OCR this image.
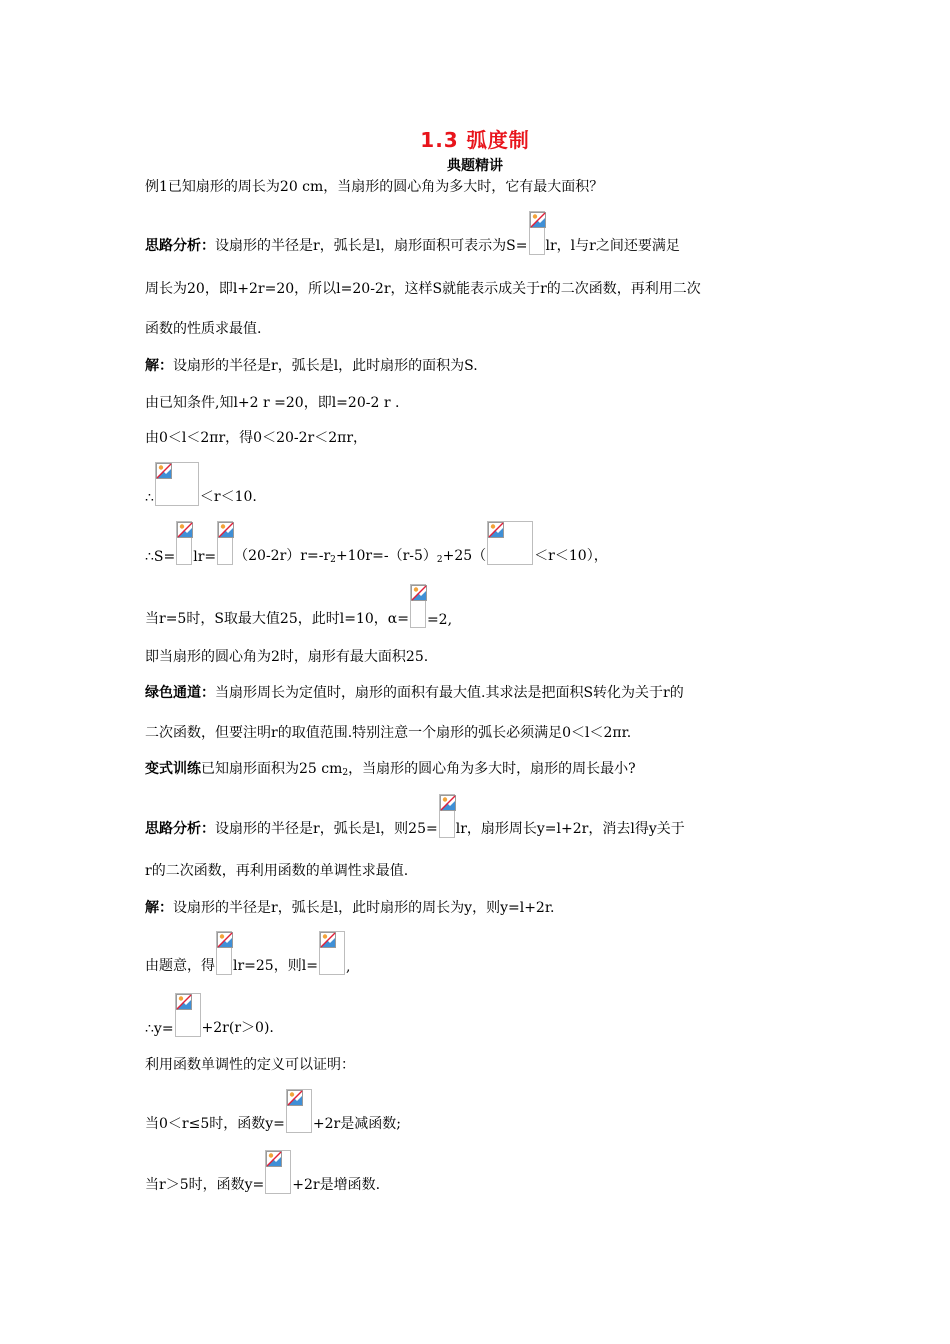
1.3 弧度制
典题精讲
例1已知扇形的周长为20 cm，当扇形的圆心角为多大时，它有最大面积？
思路分析： 设扇形的半径是r，弧长是l，扇形面积可表示为S= lr，l与r之间还要满足
周长为20，即l+2r=20，所以l=20-2r，这样S就能表示成关于r的二次函数，再利用二次
函数的性质求最值.
解： 设扇形的半径是r，弧长是l，此时扇形的面积为S.
由已知条件,知l+2 r =20，即l=20-2 r .
由0＜l＜2πr，得0＜20-2r＜2πr，
∴	＜r＜10.
∴S= $lr= (20-2r)r=-r_2 +10r=-(r-5)_2 +25$（	＜r＜10），
当r=5时，S取最大值25，此时l=10，α= =2,
即当扇形的圆心角为2时，扇形有最大面积25.
绿色通道： 当扇形周长为定值时，扇形的面积有最大值.其求法是把面积S转化为关于r的
二次函数，但要注明r的取值范围.特别注意一个扇形的弧长必须满足0＜l＜2πr.
变式训练 已知扇形面积为25 $cm_2$ ，当扇形的圆心角为多大时，扇形的周长最小?
思路分析： 设扇形的半径是r，弧长是l，则25= lr，扇形周长y=l+2r，消去l得y关于
r的二次函数，再利用函数的单调性求最值.
解： 设扇形的半径是r，弧长是l，此时扇形的周长为y，则y=l+2r.
由题意，得 lr=25，则l= ,
∴y= +2r(r＞0).
利用函数单调性的定义可以证明：
当0＜r≤5时，函数y= +2r是减函数;
当r＞5时，函数y= +2r是增函数.
